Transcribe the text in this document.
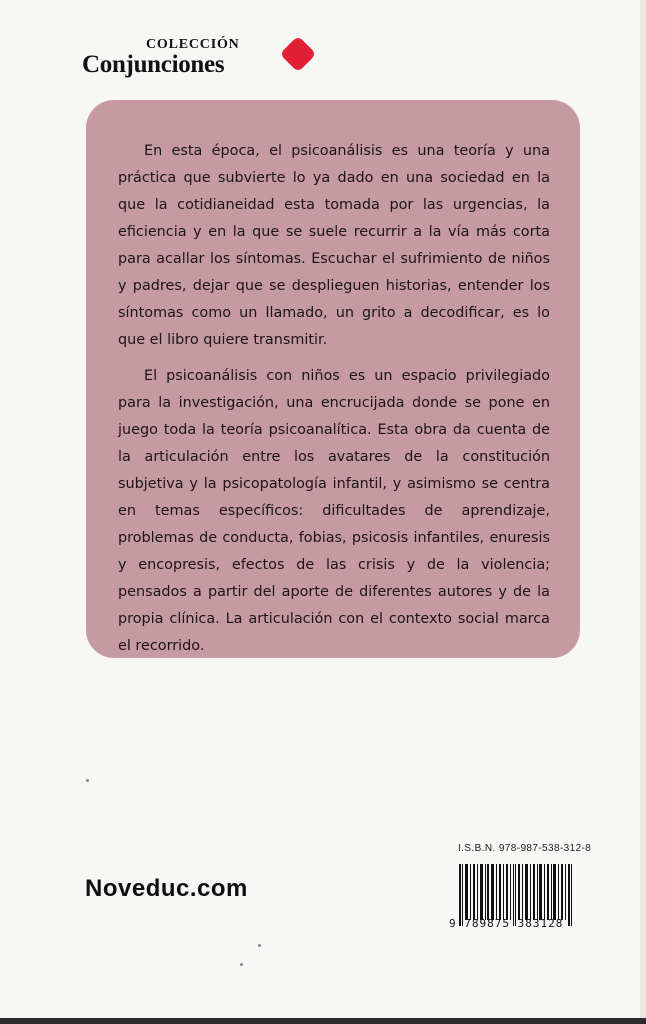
COLECCIÓN
Conjunciones

En esta época, el psicoanálisis es una teoría y una práctica que subvierte lo ya dado en una sociedad en la que la cotidianeidad esta tomada por las urgencias, la eficiencia y en la que se suele recurrir a la vía más corta para acallar los síntomas. Escuchar el sufrimiento de niños y padres, dejar que se desplieguen historias, entender los síntomas como un llamado, un grito a decodificar, es lo que el libro quiere transmitir.

El psicoanálisis con niños es un espacio privilegiado para la investigación, una encrucijada donde se pone en juego toda la teoría psicoanalítica. Esta obra da cuenta de la articulación entre los avatares de la constitución subjetiva y la psicopatología infantil, y asimismo se centra en temas específicos: dificultades de aprendizaje, problemas de conducta, fobias, psicosis infantiles, enuresis y encopresis, efectos de las crisis y de la violencia; pensados a partir del aporte de diferentes autores y de la propia clínica. La articulación con el contexto social marca el recorrido.

Noveduc.com
I.S.B.N. 978-987-538-312-8
9 789875 383128
